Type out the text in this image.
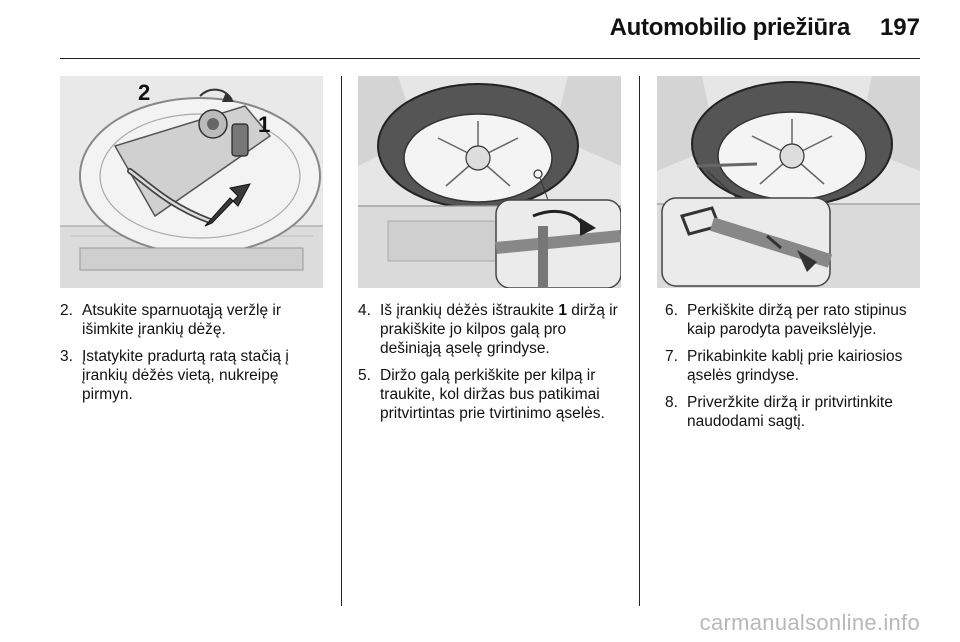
Automobilio priežiūra 197
2
1
2. Atsukite sparnuotąją veržlę ir išimkite įrankių dėžę.
3. Įstatykite pradurtą ratą stačią į įrankių dėžės vietą, nukreipę pirmyn.
4. Iš įrankių dėžės ištraukite 1 diržą ir prakiškite jo kilpos galą pro dešiniąją ąselę grindyse.
5. Diržo galą perkiškite per kilpą ir traukite, kol diržas bus patikimai pritvirtintas prie tvirtinimo ąselės.
6. Perkiškite diržą per rato stipinus kaip parodyta paveikslėlyje.
7. Prikabinkite kablį prie kairiosios ąselės grindyse.
8. Priveržkite diržą ir pritvirtinkite naudodami sagtį.
carmanualsonline.info
